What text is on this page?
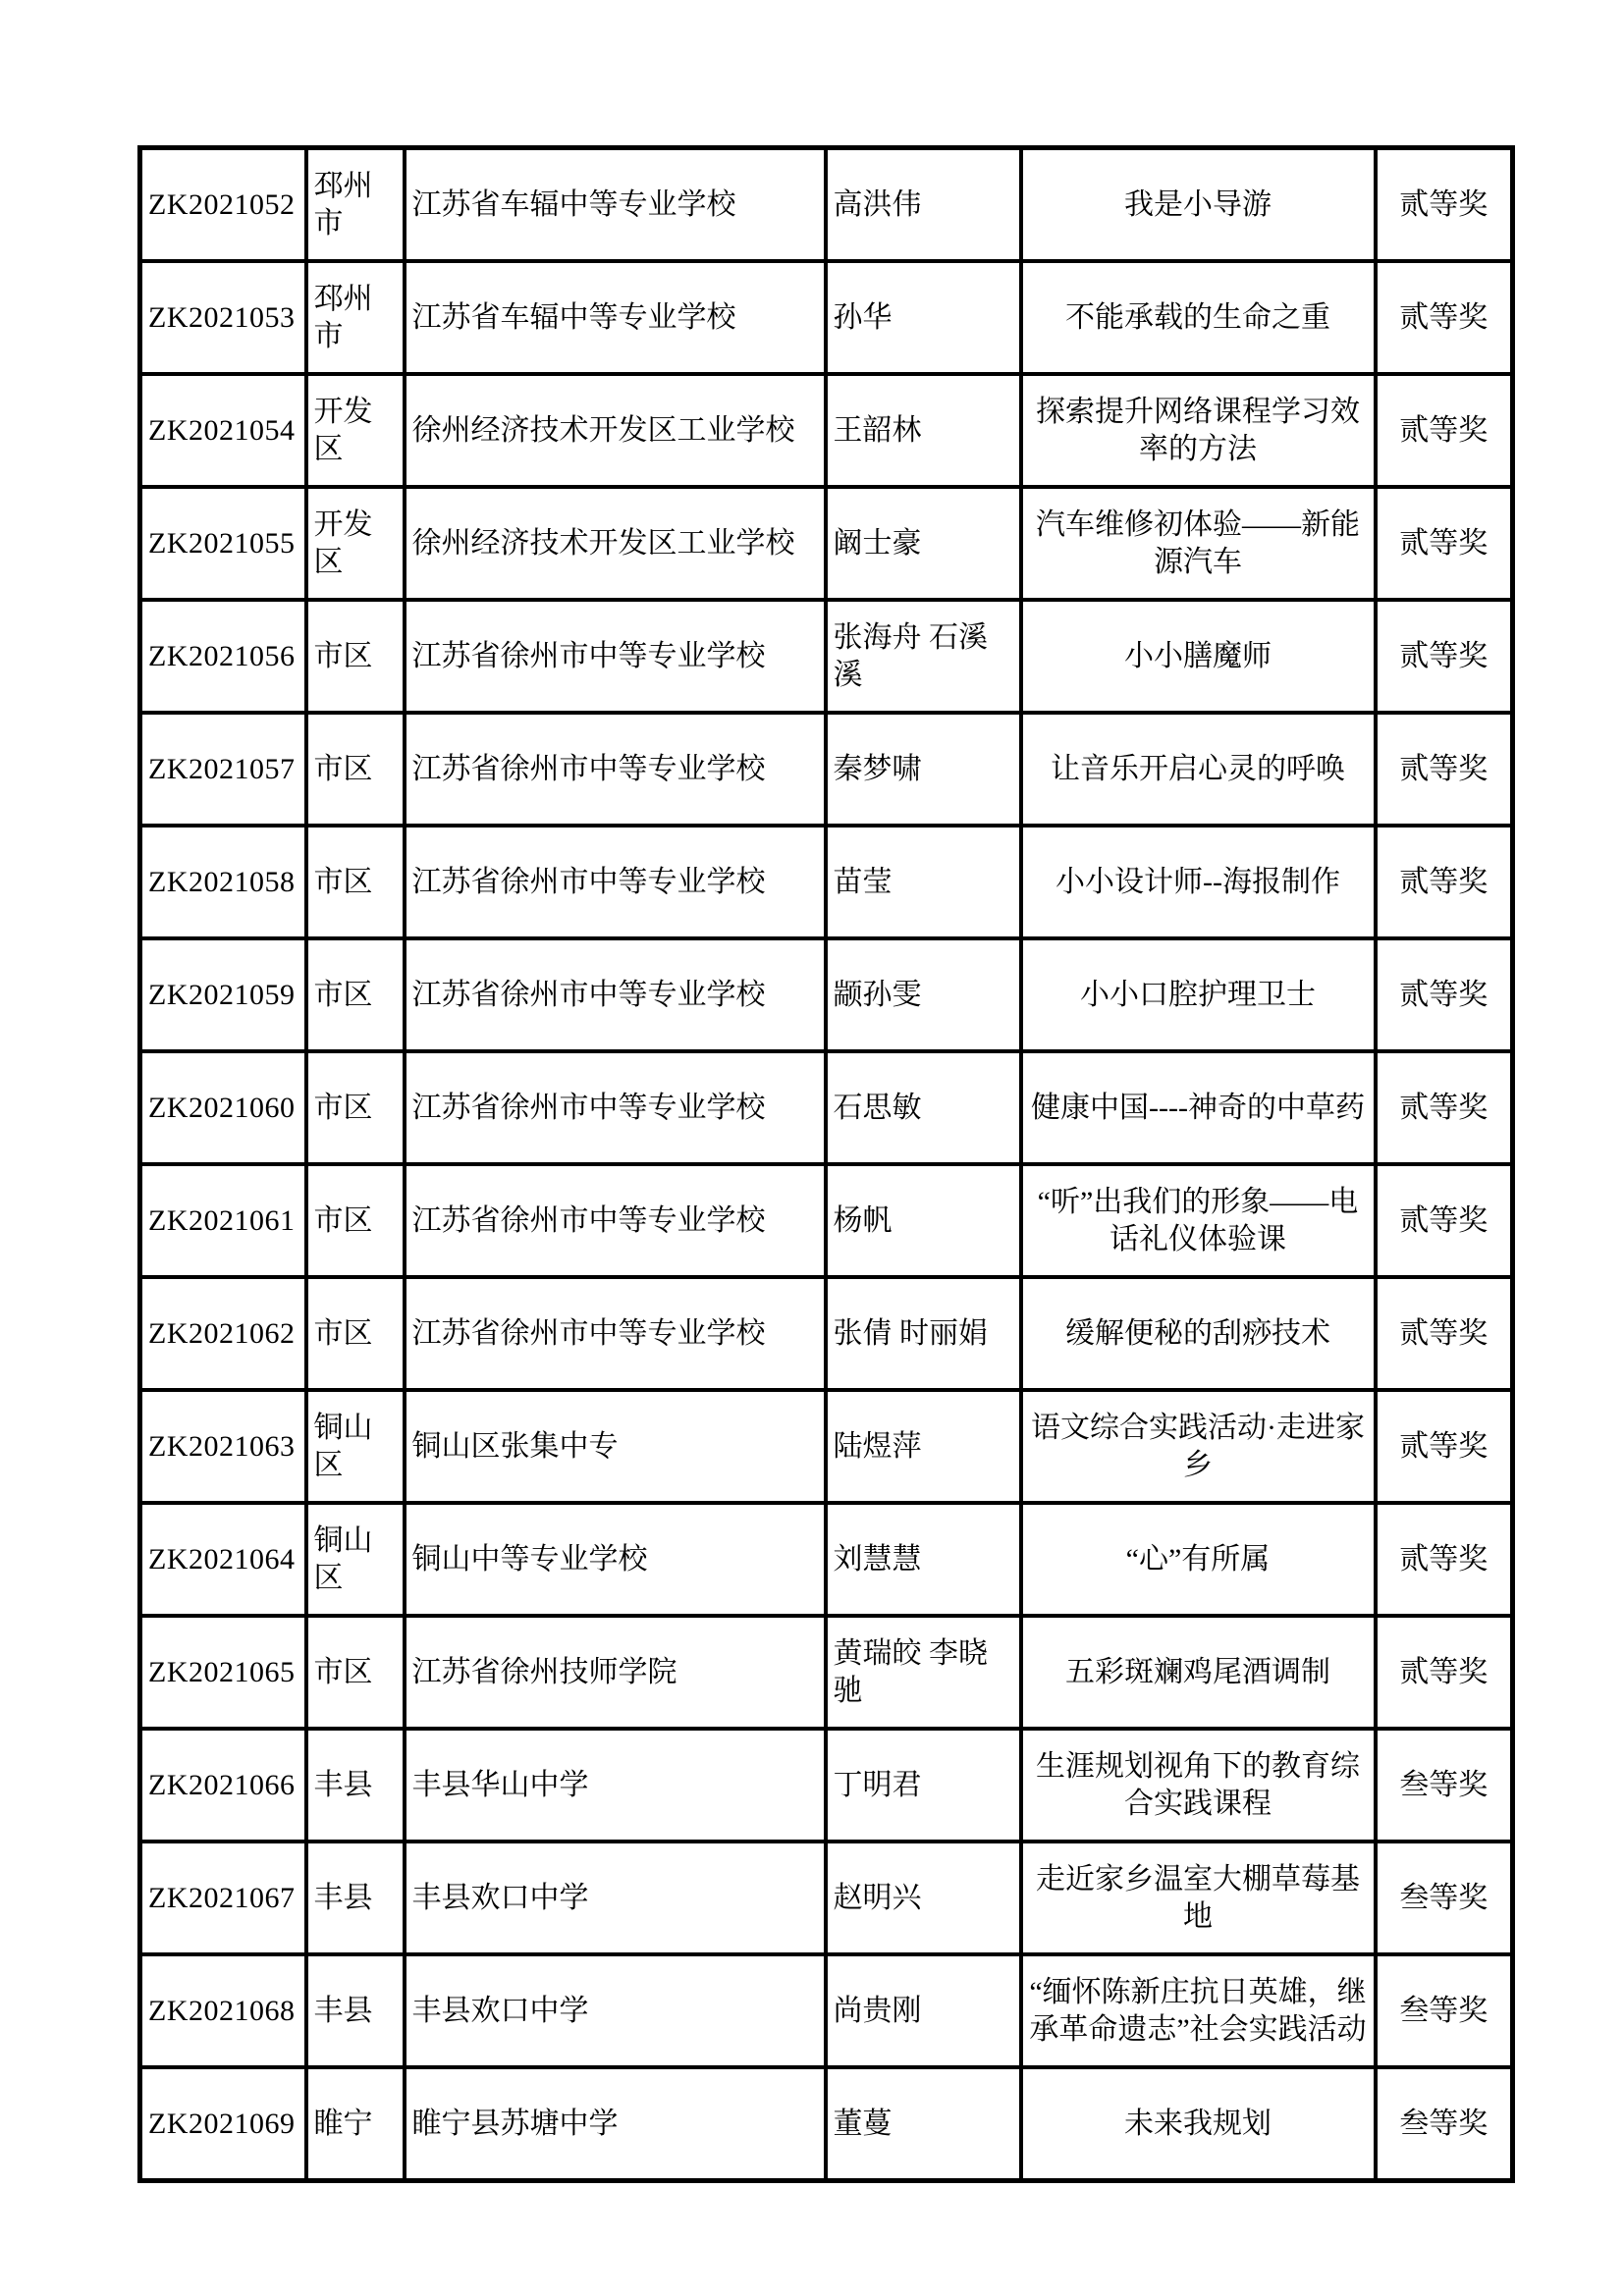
ZK2021052	邳州市	江苏省车辐中等专业学校	高洪伟	我是小导游	贰等奖
ZK2021053	邳州市	江苏省车辐中等专业学校	孙华	不能承载的生命之重	贰等奖
ZK2021054	开发区	徐州经济技术开发区工业学校	王韶林	探索提升网络课程学习效率的方法	贰等奖
ZK2021055	开发区	徐州经济技术开发区工业学校	阚士豪	汽车维修初体验——新能源汽车	贰等奖
ZK2021056	市区	江苏省徐州市中等专业学校	张海舟 石溪溪	小小膳魔师	贰等奖
ZK2021057	市区	江苏省徐州市中等专业学校	秦梦啸	让音乐开启心灵的呼唤	贰等奖
ZK2021058	市区	江苏省徐州市中等专业学校	苗莹	小小设计师--海报制作	贰等奖
ZK2021059	市区	江苏省徐州市中等专业学校	颛孙雯	小小口腔护理卫士	贰等奖
ZK2021060	市区	江苏省徐州市中等专业学校	石思敏	健康中国----神奇的中草药	贰等奖
ZK2021061	市区	江苏省徐州市中等专业学校	杨帆	“听”出我们的形象——电话礼仪体验课	贰等奖
ZK2021062	市区	江苏省徐州市中等专业学校	张倩 时丽娟	缓解便秘的刮痧技术	贰等奖
ZK2021063	铜山区	铜山区张集中专	陆煜萍	语文综合实践活动·走进家乡	贰等奖
ZK2021064	铜山区	铜山中等专业学校	刘慧慧	“心”有所属	贰等奖
ZK2021065	市区	江苏省徐州技师学院	黄瑞皎 李晓驰	五彩斑斓鸡尾酒调制	贰等奖
ZK2021066	丰县	丰县华山中学	丁明君	生涯规划视角下的教育综合实践课程	叁等奖
ZK2021067	丰县	丰县欢口中学	赵明兴	走近家乡温室大棚草莓基地	叁等奖
ZK2021068	丰县	丰县欢口中学	尚贵刚	“缅怀陈新庄抗日英雄，继承革命遗志”社会实践活动	叁等奖
ZK2021069	睢宁	睢宁县苏塘中学	董蔓	未来我规划	叁等奖
